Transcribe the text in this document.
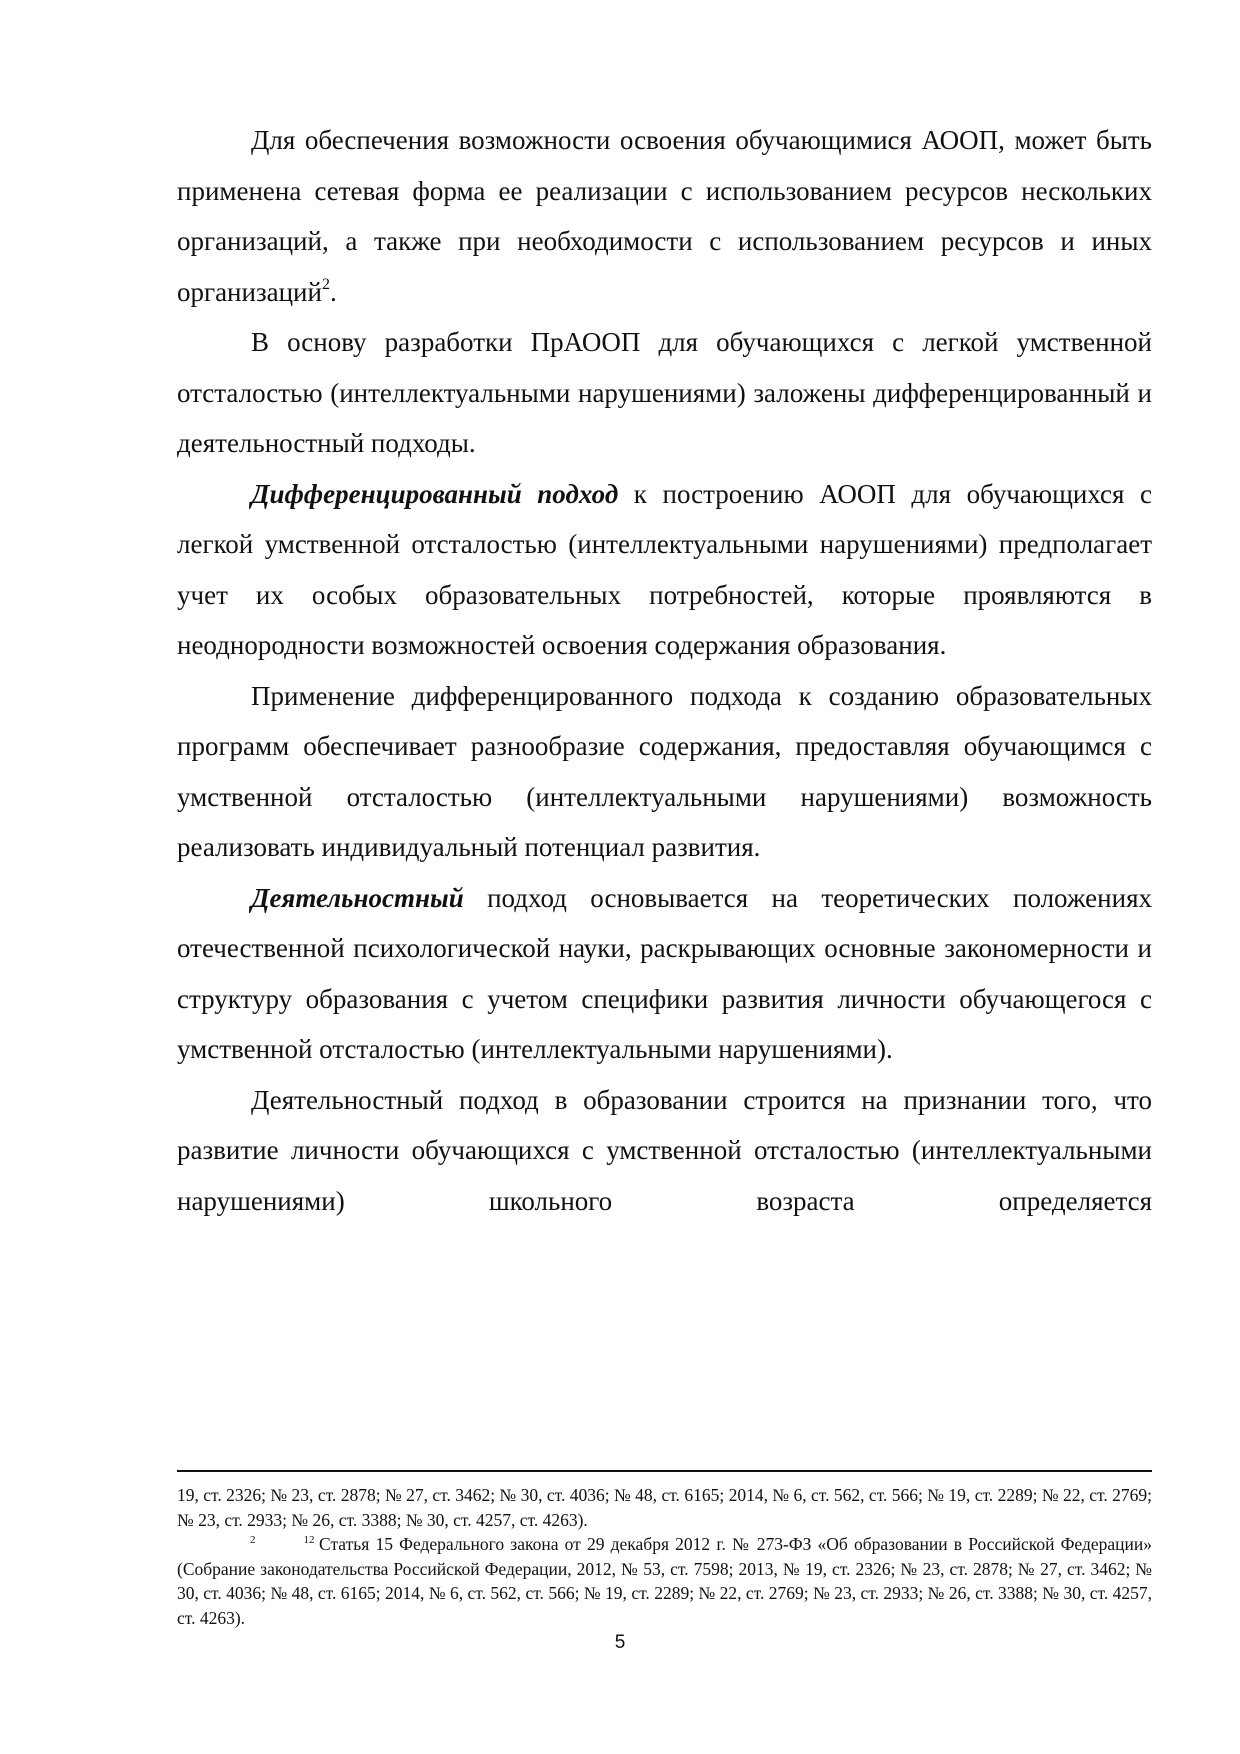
Для обеспечения возможности освоения обучающимися АООП, может быть применена сетевая форма ее реализации с использованием ресурсов нескольких организаций, а также при необходимости с использованием ресурсов и иных организаций$^2$.

В основу разработки ПрАООП для обучающихся с легкой умственной отсталостью (интеллектуальными нарушениями) заложены дифференцированный и деятельностный подходы.

Дифференцированный подход к построению АООП для обучающихся с легкой умственной отсталостью (интеллектуальными нарушениями) предполагает учет их особых образовательных потребностей, которые проявляются в неоднородности возможностей освоения содержания образования.

Применение дифференцированного подхода к созданию образовательных программ обеспечивает разнообразие содержания, предоставляя обучающимся с умственной отсталостью (интеллектуальными нарушениями) возможность реализовать индивидуальный потенциал развития.

Деятельностный подход основывается на теоретических положениях отечественной психологической науки, раскрывающих основные закономерности и структуру образования с учетом специфики развития личности обучающегося с умственной отсталостью (интеллектуальными нарушениями).

Деятельностный подход в образовании строится на признании того, что развитие личности обучающихся с умственной отсталостью (интеллектуальными нарушениями) школьного возраста определяется

19, ст. 2326; № 23, ст. 2878; № 27, ст. 3462; № 30, ст. 4036; № 48, ст. 6165; 2014, № 6, ст. 562, ст. 566; № 19, ст. 2289; № 22, ст. 2769; № 23, ст. 2933; № 26, ст. 3388; № 30, ст. 4257, ст. 4263).

2	12 Статья 15 Федерального закона от 29 декабря 2012 г. № 273-ФЗ «Об образовании в Российской Федерации» (Собрание законодательства Российской Федерации, 2012, № 53, ст. 7598; 2013, № 19, ст. 2326; № 23, ст. 2878; № 27, ст. 3462; № 30, ст. 4036; № 48, ст. 6165; 2014, № 6, ст. 562, ст. 566; № 19, ст. 2289; № 22, ст. 2769; № 23, ст. 2933; № 26, ст. 3388; № 30, ст. 4257, ст. 4263).

5
